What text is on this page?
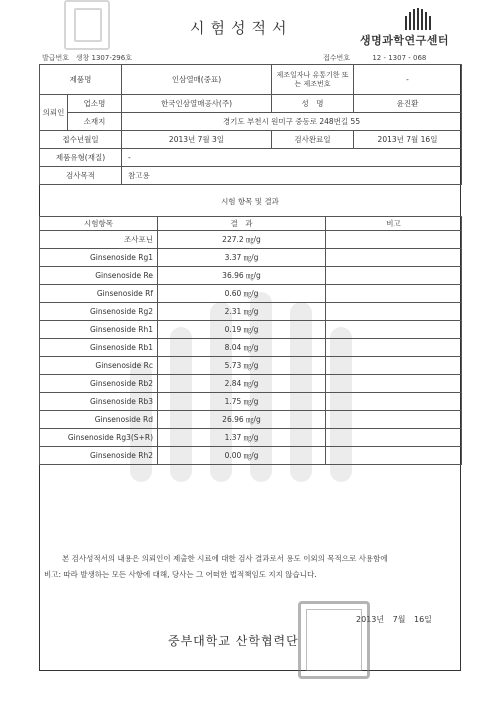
시험성적서
생명과학연구센터
발급번호 생창 1307-296호	접수번호	12 - 1307 - 068
제품명		인삼열매(중표)	제조일자나 유통기한 또는 제조번호	-
의뢰인	업소명	한국인삼열매공사(주)	성　명	윤진환
	소재지	경기도 부천시 원미구 중동로 248번길 55		
접수년월일		2013년 7월 3일	검사완료일	2013년 7월 16일
제품유형(재질)		-		
검사목적		참고용		
시험 항목 및 결과
시험항목	결　과	비고
조사포닌	227.2 ㎎/g	
Ginsenoside Rg1	3.37 ㎎/g	
Ginsenoside Re	36.96 ㎎/g	
Ginsenoside Rf	0.60 ㎎/g	
Ginsenoside Rg2	2.31 ㎎/g	
Ginsenoside Rh1	0.19 ㎎/g	
Ginsenoside Rb1	8.04 ㎎/g	
Ginsenoside Rc	5.73 ㎎/g	
Ginsenoside Rb2	2.84 ㎎/g	
Ginsenoside Rb3	1.75 ㎎/g	
Ginsenoside Rd	26.96 ㎎/g	
Ginsenoside Rg3(S+R)	1.37 ㎎/g	
Ginsenoside Rh2	0.00 ㎎/g	
본 검사성적서의 내용은 의뢰인이 제출한 시료에 대한 검사 결과로서 용도 이외의 목적으로 사용함에
비고: 따라 발생하는 모든 사항에 대해, 당사는 그 어떠한 법적책임도 지지 않습니다.
2013년 7월 16일
중부대학교 산학협력단
